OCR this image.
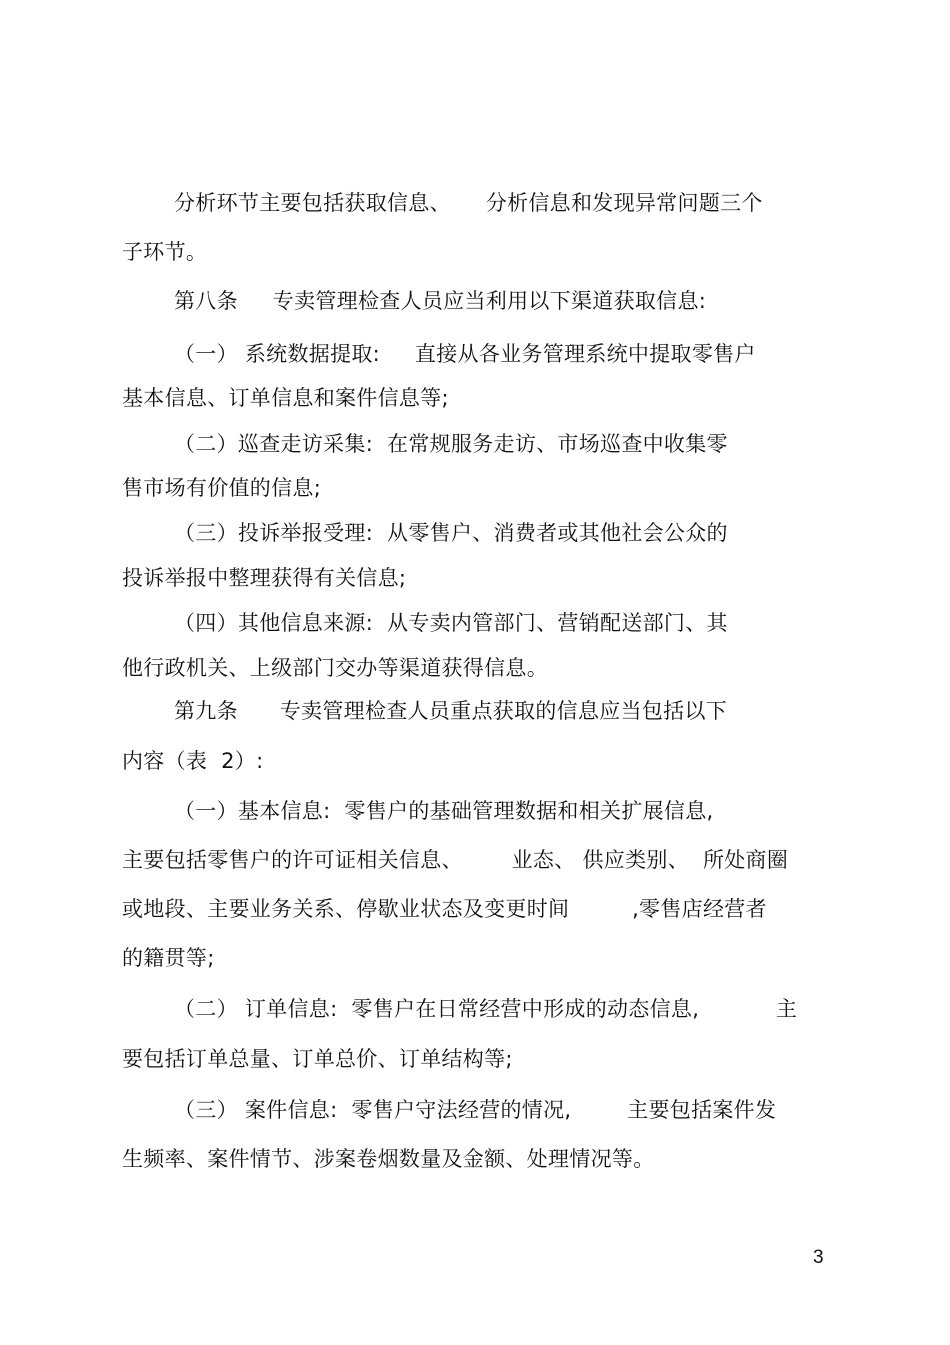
分析环节主要包括获取信息、     分析信息和发现异常问题三个
子环节。
第八条     专卖管理检查人员应当利用以下渠道获取信息:
（一） 系统数据提取:     直接从各业务管理系统中提取零售户
基本信息、订单信息和案件信息等;
（二）巡查走访采集:  在常规服务走访、市场巡查中收集零
售市场有价值的信息;
（三）投诉举报受理:  从零售户、消费者或其他社会公众的
投诉举报中整理获得有关信息;
（四）其他信息来源:  从专卖内管部门、营销配送部门、其
他行政机关、上级部门交办等渠道获得信息。
第九条      专卖管理检查人员重点获取的信息应当包括以下
内容（表  2）:
（一）基本信息:  零售户的基础管理数据和相关扩展信息,
主要包括零售户的许可证相关信息、       业态、 供应类别、  所处商圈
或地段、主要业务关系、停歇业状态及变更时间         ,零售店经营者
的籍贯等;
（二） 订单信息:  零售户在日常经营中形成的动态信息,           主
要包括订单总量、订单总价、订单结构等;
（三） 案件信息:  零售户守法经营的情况,        主要包括案件发
生频率、案件情节、涉案卷烟数量及金额、处理情况等。
3
